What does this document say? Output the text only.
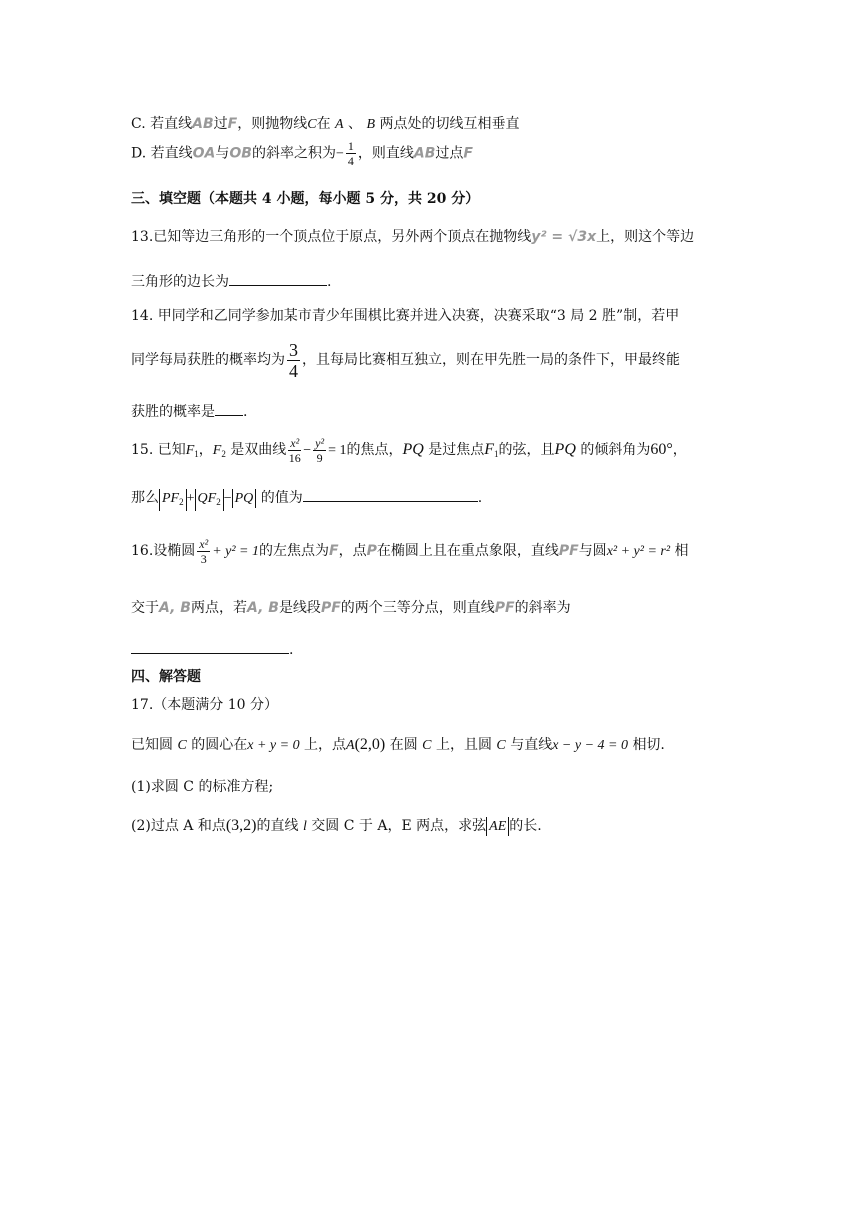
C. 若直线AB过F，则抛物线C在 A 、 B 两点处的切线互相垂直
D. 若直线OA与OB的斜率之积为− $\frac{1}{4}$ ，则直线AB过点F
三、填空题（本题共 4 小题，每小题 5 分，共 20 分）
13.已知等边三角形的一个顶点位于原点，另外两个顶点在抛物线y² = √3x上，则这个等边
三角形的边长为	.
14. 甲同学和乙同学参加某市青少年围棋比赛并进入决赛，决赛采取“3 局 2 胜”制，若甲
同学每局获胜的概率均为 $\frac{3}{4}$ ，且每局比赛相互独立，则在甲先胜一局的条件下，甲最终能
获胜的概率是 .
15. 已知$F_1$，$F_2$ 是双曲线 $\frac{\text{x²}}{16} - \frac{\text{y²}}{9} = 1$的焦点，PQ 是过焦点$F_1$的弦，且PQ 的倾斜角为60°，
那么 $PF_2 + QF_2$ − PQ 的值为	.
16.设椭圆 $\frac{\text{x²}}{3} + y^2 = 1$的左焦点为F，点P在椭圆上且在重点象限，直线PF与圆x² + y² = r² 相
交于A, B两点，若A, B是线段PF的两个三等分点，则直线PF的斜率为
.
四、解答题
17.（本题满分 10 分）
已知圆 C 的圆心在x + y = 0 上，点A(2,0) 在圆 C 上，且圆 C 与直线x − y − 4 = 0 相切.
(1)求圆 C 的标准方程;
(2)过点 A 和点(3,2)的直线 l 交圆 C 于 A，E 两点，求弦 AE 的长.
